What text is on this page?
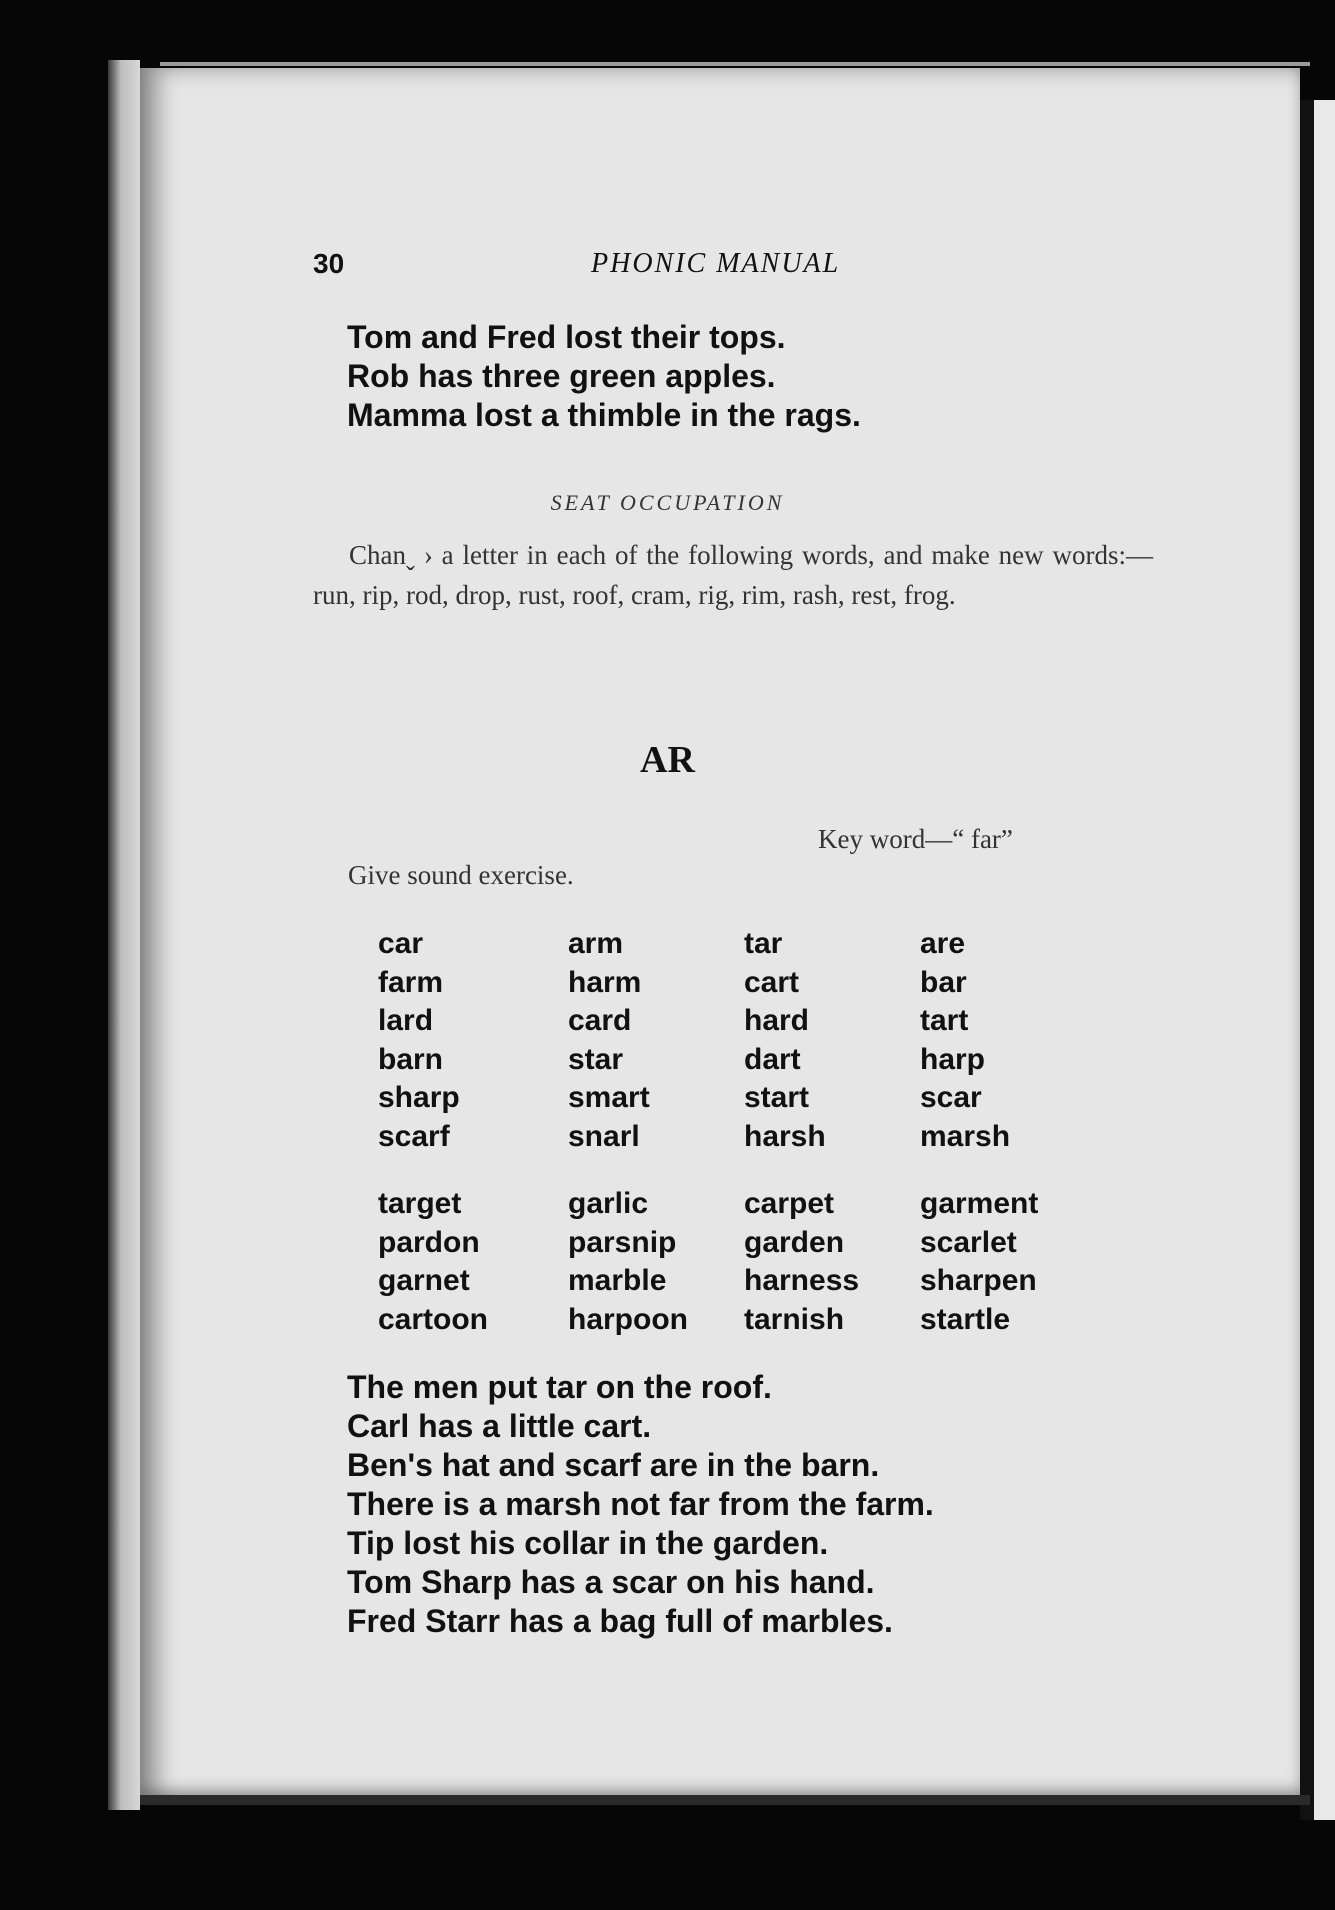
30	PHONIC MANUAL
Tom and Fred lost their tops.
Rob has three green apples.
Mamma lost a thimble in the rags.
SEAT OCCUPATION
Chanˬ › a letter in each of the following words, and make new words:—run, rip, rod, drop, rust, roof, cram, rig, rim, rash, rest, frog.
AR
Key word—“ far”
Give sound exercise.
car	arm	tar	are
farm	harm	cart	bar
lard	card	hard	tart
barn	star	dart	harp
sharp	smart	start	scar
scarf	snarl	harsh	marsh
target	garlic	carpet	garment
pardon	parsnip	garden	scarlet
garnet	marble	harness	sharpen
cartoon	harpoon	tarnish	startle
The men put tar on the roof.
Carl has a little cart.
Ben's hat and scarf are in the barn.
There is a marsh not far from the farm.
Tip lost his collar in the garden.
Tom Sharp has a scar on his hand.
Fred Starr has a bag full of marbles.
